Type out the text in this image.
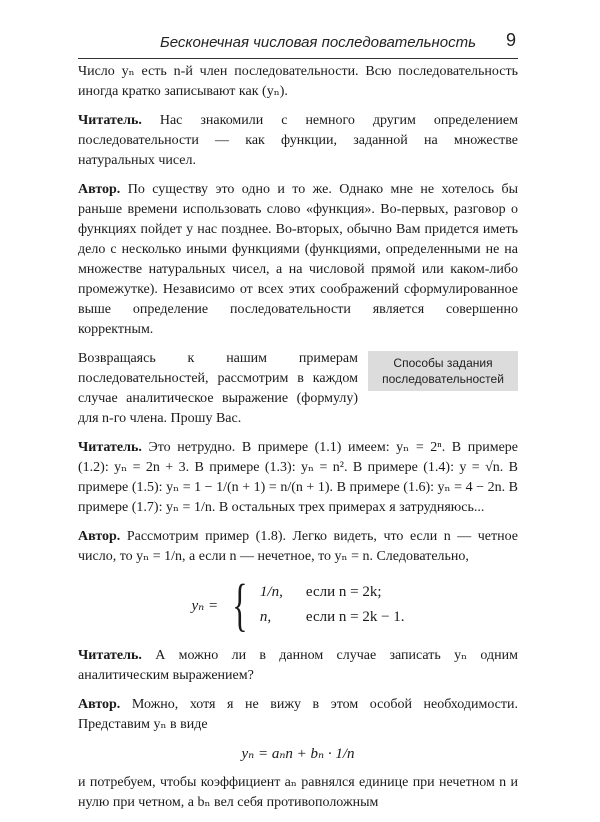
Бесконечная числовая последовательность 9

Число yₙ есть n-й член последовательности. Всю последовательность иногда кратко записывают как (yₙ).

Читатель. Нас знакомили с немного другим определением последовательности — как функции, заданной на множестве натуральных чисел.

Автор. По существу это одно и то же. Однако мне не хотелось бы раньше времени использовать слово «функция». Во-первых, разговор о функциях пойдет у нас позднее. Во-вторых, обычно Вам придется иметь дело с несколько иными функциями (функциями, определенными не на множестве натуральных чисел, а на числовой прямой или каком-либо промежутке). Независимо от всех этих соображений сформулированное выше определение последовательности является совершенно корректным.

Способы задания
последовательностей

Возвращаясь к нашим примерам последовательностей, рассмотрим в каждом случае аналитическое выражение (формулу) для n-го члена. Прошу Вас.

Читатель. Это нетрудно. В примере (1.1) имеем: yₙ = 2ⁿ. В примере (1.2): yₙ = 2n + 3. В примере (1.3): yₙ = n². В примере (1.4): y = √n. В примере (1.5): yₙ = 1 − 1/(n + 1) = n/(n + 1). В примере (1.6): yₙ = 4 − 2n. В примере (1.7): yₙ = 1/n. В остальных трех примерах я затрудняюсь...

Автор. Рассмотрим пример (1.8). Легко видеть, что если n — четное число, то yₙ = 1/n, а если n — нечетное, то yₙ = n. Следовательно,

yₙ = { 1/n,	если n = 2k;
n,	если n = 2k − 1.

Читатель. А можно ли в данном случае записать yₙ одним аналитическим выражением?

Автор. Можно, хотя я не вижу в этом особой необходимости. Представим yₙ в виде

yₙ = aₙn + bₙ · 1/n

и потребуем, чтобы коэффициент aₙ равнялся единице при нечетном n и нулю при четном, а bₙ вел себя противоположным
